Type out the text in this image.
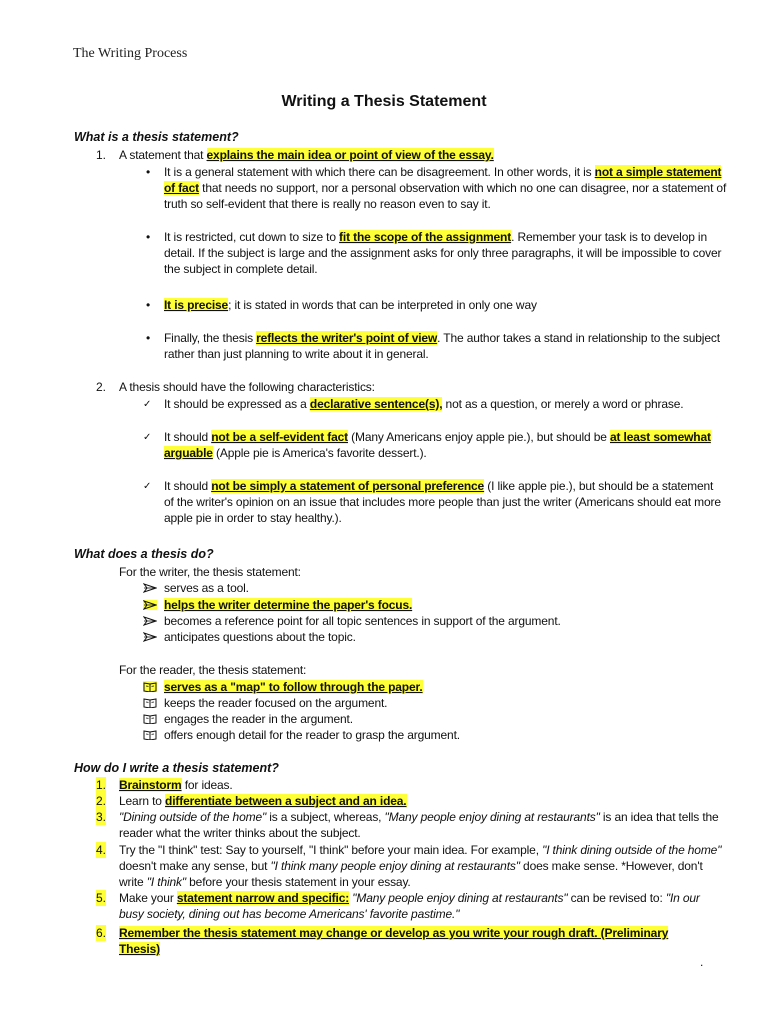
The Writing Process
Writing a Thesis Statement
What is a thesis statement?
1. A statement that explains the main idea or point of view of the essay.
• It is a general statement with which there can be disagreement. In other words, it is not a simple statement
of fact that needs no support, nor a personal observation with which no one can disagree, nor a statement of
truth so self-evident that there is really no reason even to say it.
• It is restricted, cut down to size to fit the scope of the assignment. Remember your task is to develop in
detail. If the subject is large and the assignment asks for only three paragraphs, it will be impossible to cover
the subject in complete detail.
• It is precise; it is stated in words that can be interpreted in only one way
• Finally, the thesis reflects the writer's point of view. The author takes a stand in relationship to the subject
rather than just planning to write about it in general.
2. A thesis should have the following characteristics:
✓ It should be expressed as a declarative sentence(s), not as a question, or merely a word or phrase.
✓ It should not be a self-evident fact (Many Americans enjoy apple pie.), but should be at least somewhat
arguable (Apple pie is America's favorite dessert.).
✓ It should not be simply a statement of personal preference (I like apple pie.), but should be a statement
of the writer's opinion on an issue that includes more people than just the writer (Americans should eat more
apple pie in order to stay healthy.).
What does a thesis do?
For the writer, the thesis statement:
serves as a tool.
helps the writer determine the paper's focus.
becomes a reference point for all topic sentences in support of the argument.
anticipates questions about the topic.
For the reader, the thesis statement:
serves as a "map" to follow through the paper.
keeps the reader focused on the argument.
engages the reader in the argument.
offers enough detail for the reader to grasp the argument.
How do I write a thesis statement?
1. Brainstorm for ideas.
2. Learn to differentiate between a subject and an idea.
3. "Dining outside of the home" is a subject, whereas, "Many people enjoy dining at restaurants" is an idea that tells the
reader what the writer thinks about the subject.
4. Try the "I think" test: Say to yourself, "I think" before your main idea. For example, "I think dining outside of the home"
doesn't make any sense, but "I think many people enjoy dining at restaurants" does make sense. *However, don't
write "I think" before your thesis statement in your essay.
5. Make your statement narrow and specific: "Many people enjoy dining at restaurants" can be revised to: "In our
busy society, dining out has become Americans' favorite pastime."
6. Remember the thesis statement may change or develop as you write your rough draft. (Preliminary
Thesis)
.
